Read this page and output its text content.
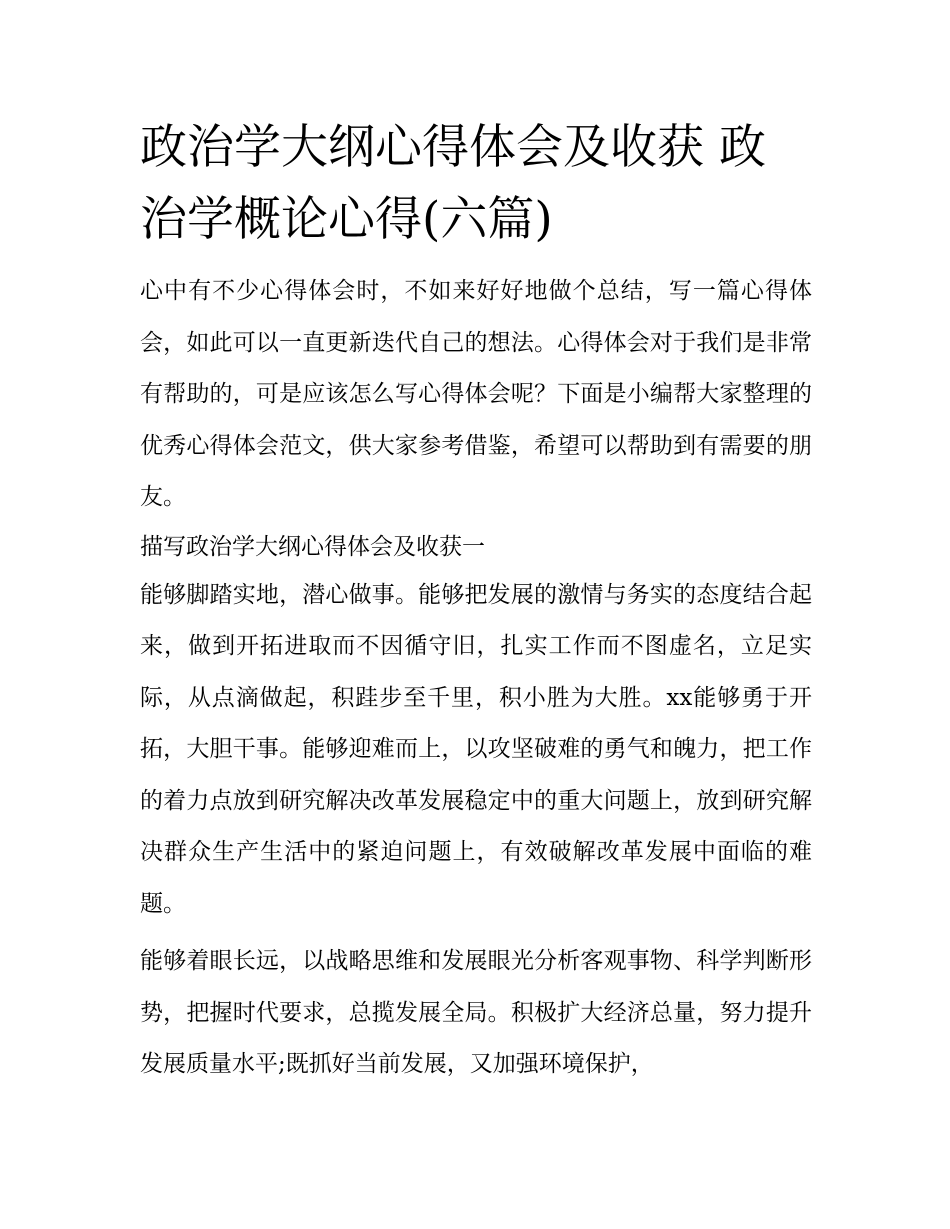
政治学大纲心得体会及收获 政治学概论心得(六篇)

心中有不少心得体会时，不如来好好地做个总结，写一篇心得体会，如此可以一直更新迭代自己的想法。心得体会对于我们是非常有帮助的，可是应该怎么写心得体会呢？下面是小编帮大家整理的优秀心得体会范文，供大家参考借鉴，希望可以帮助到有需要的朋友。

描写政治学大纲心得体会及收获一

能够脚踏实地，潜心做事。能够把发展的激情与务实的态度结合起来，做到开拓进取而不因循守旧，扎实工作而不图虚名，立足实际，从点滴做起，积跬步至千里，积小胜为大胜。xx能够勇于开拓，大胆干事。能够迎难而上，以攻坚破难的勇气和魄力，把工作的着力点放到研究解决改革发展稳定中的重大问题上，放到研究解决群众生产生活中的紧迫问题上，有效破解改革发展中面临的难题。

能够着眼长远，以战略思维和发展眼光分析客观事物、科学判断形势，把握时代要求，总揽发展全局。积极扩大经济总量，努力提升发展质量水平;既抓好当前发展，又加强环境保护，
